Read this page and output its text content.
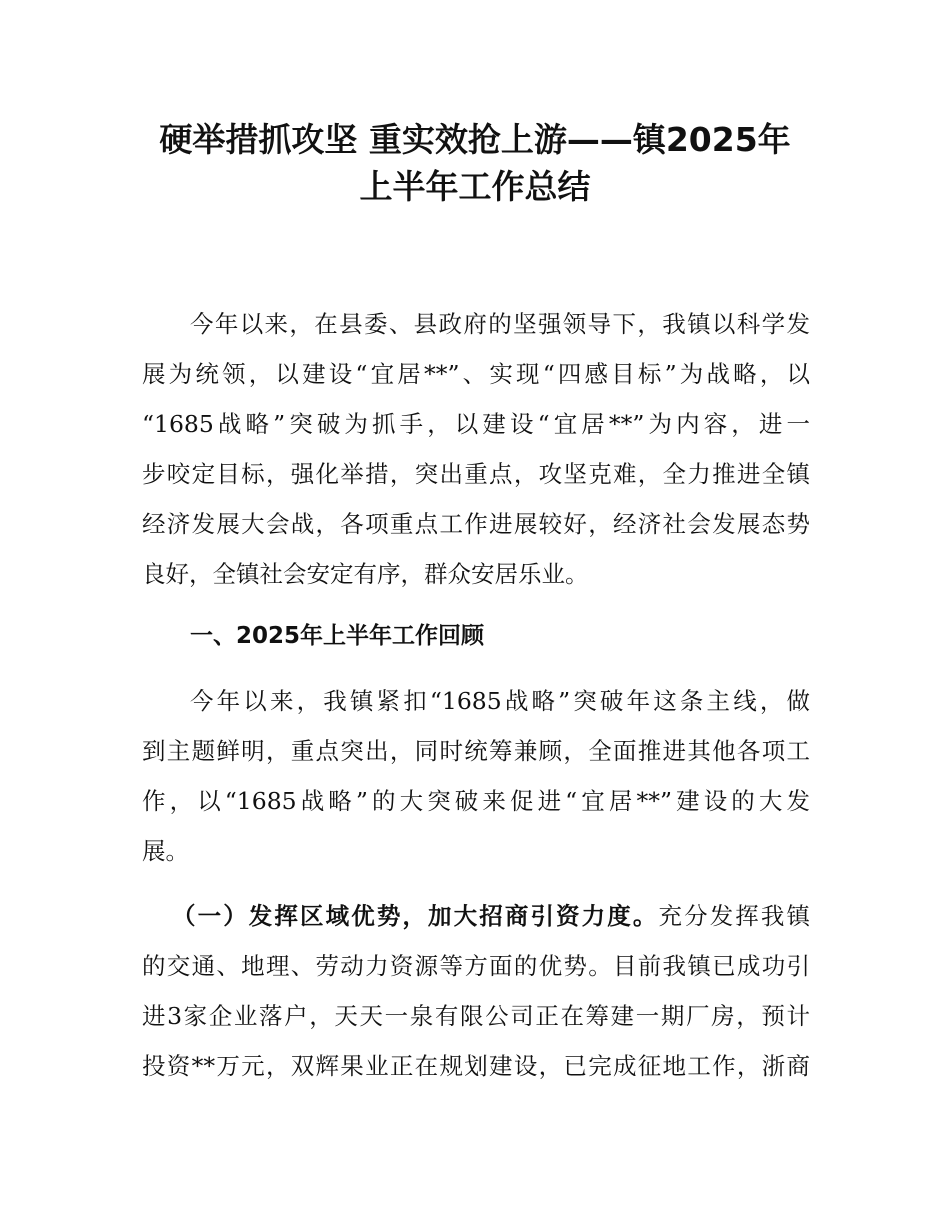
硬举措抓攻坚 重实效抢上游——镇2025年
上半年工作总结
今年以来，在县委、县政府的坚强领导下，我镇以科学发
展为统领，以建设“宜居**”、实现“四感目标”为战略，以
“1685战略”突破为抓手，以建设“宜居**”为内容，进一
步咬定目标，强化举措，突出重点，攻坚克难，全力推进全镇
经济发展大会战，各项重点工作进展较好，经济社会发展态势
良好，全镇社会安定有序，群众安居乐业。
一、2025年上半年工作回顾
今年以来，我镇紧扣“1685战略”突破年这条主线，做
到主题鲜明，重点突出，同时统筹兼顾，全面推进其他各项工
作，以“1685战略”的大突破来促进“宜居**”建设的大发
展。
（一）发挥区域优势，加大招商引资力度。充分发挥我镇
的交通、地理、劳动力资源等方面的优势。目前我镇已成功引
进3家企业落户，天天一泉有限公司正在筹建一期厂房，预计
投资**万元，双辉果业正在规划建设，已完成征地工作，浙商
